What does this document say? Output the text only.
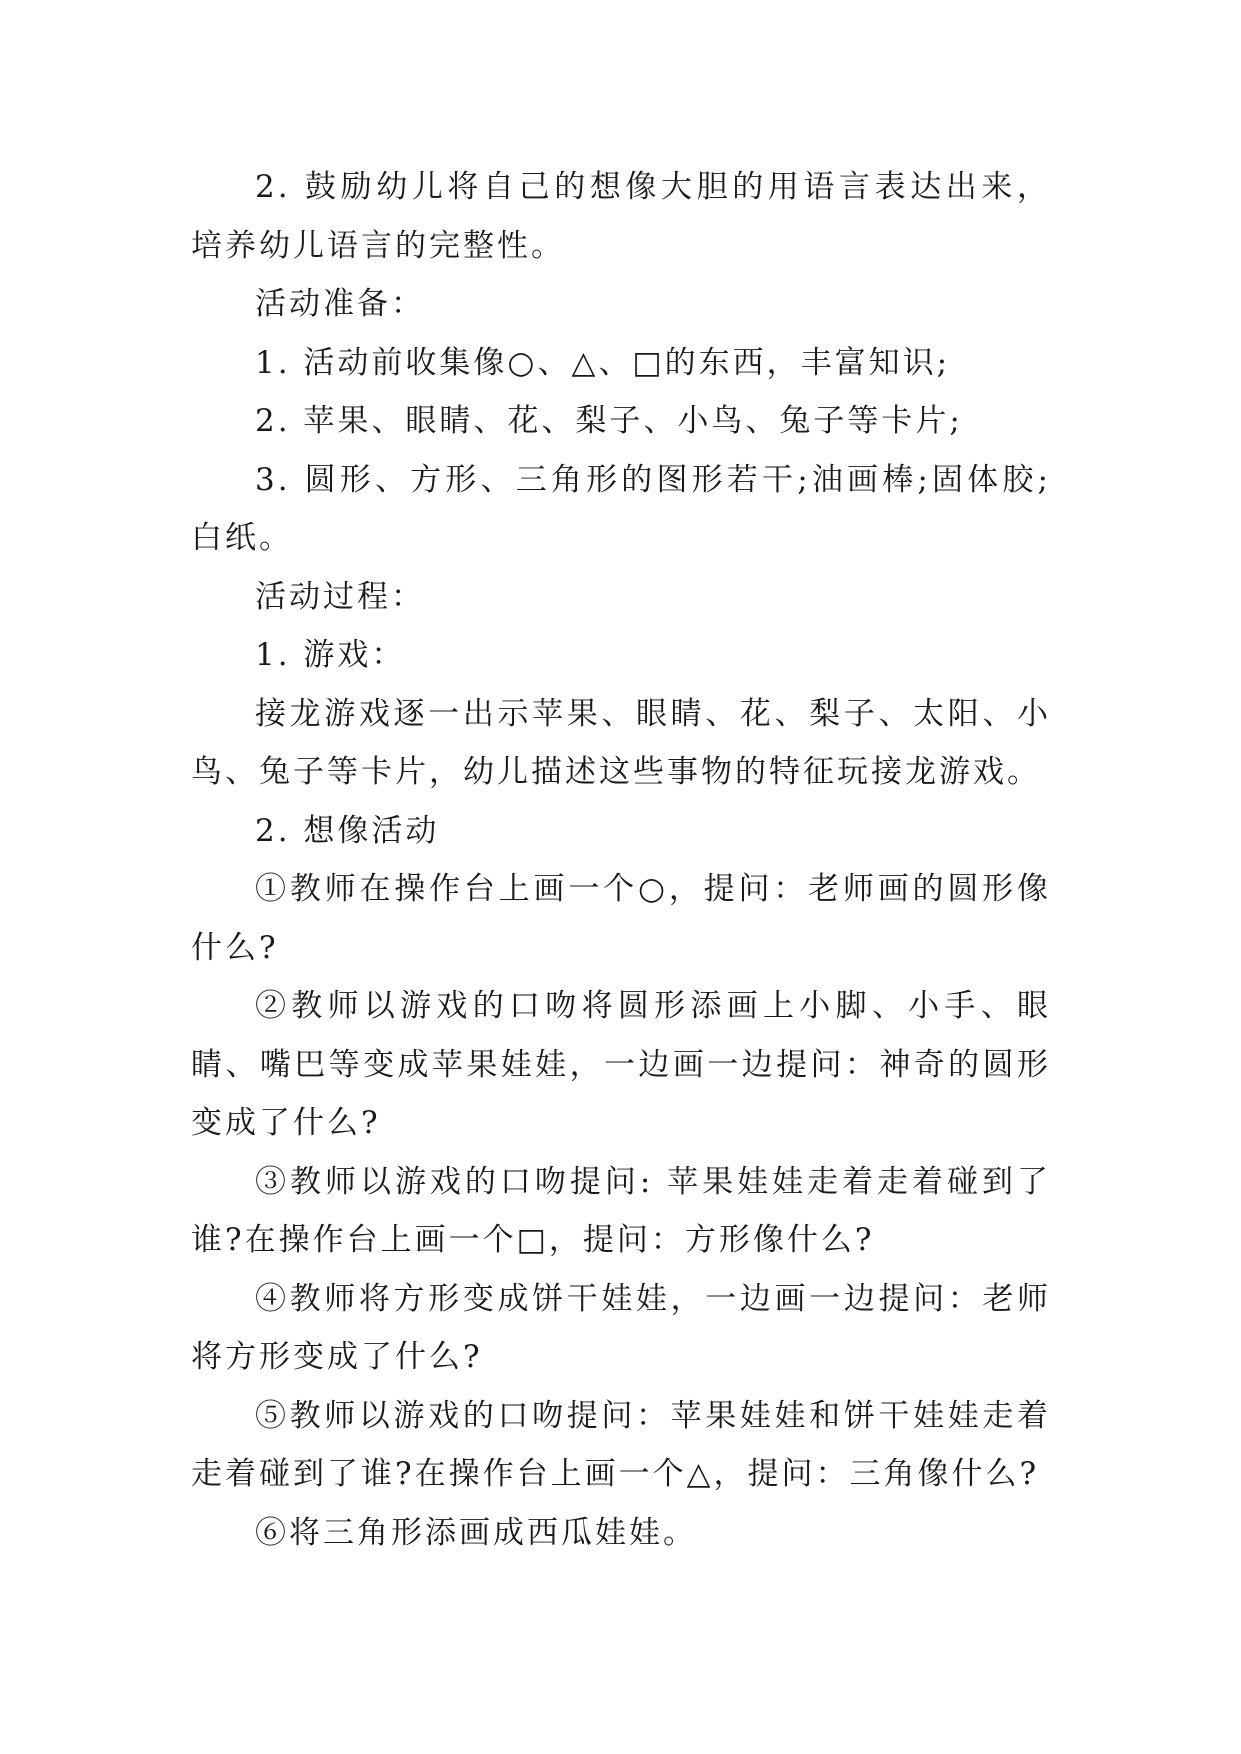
2. 鼓励幼儿将自己的想像大胆的用语言表达出来，培养幼儿语言的完整性。

活动准备：

1. 活动前收集像○、△、□的东西，丰富知识;

2. 苹果、眼睛、花、梨子、小鸟、兔子等卡片;

3. 圆形、方形、三角形的图形若干;油画棒;固体胶;白纸。

活动过程：

1. 游戏：

接龙游戏逐一出示苹果、眼睛、花、梨子、太阳、小鸟、兔子等卡片，幼儿描述这些事物的特征玩接龙游戏。

2. 想像活动

①教师在操作台上画一个○，提问：老师画的圆形像什么?

②教师以游戏的口吻将圆形添画上小脚、小手、眼睛、嘴巴等变成苹果娃娃，一边画一边提问：神奇的圆形变成了什么?

③教师以游戏的口吻提问: 苹果娃娃走着走着碰到了谁?在操作台上画一个□，提问：方形像什么?

④教师将方形变成饼干娃娃，一边画一边提问：老师将方形变成了什么?

⑤教师以游戏的口吻提问：苹果娃娃和饼干娃娃走着走着碰到了谁?在操作台上画一个△，提问：三角像什么?

⑥将三角形添画成西瓜娃娃。
